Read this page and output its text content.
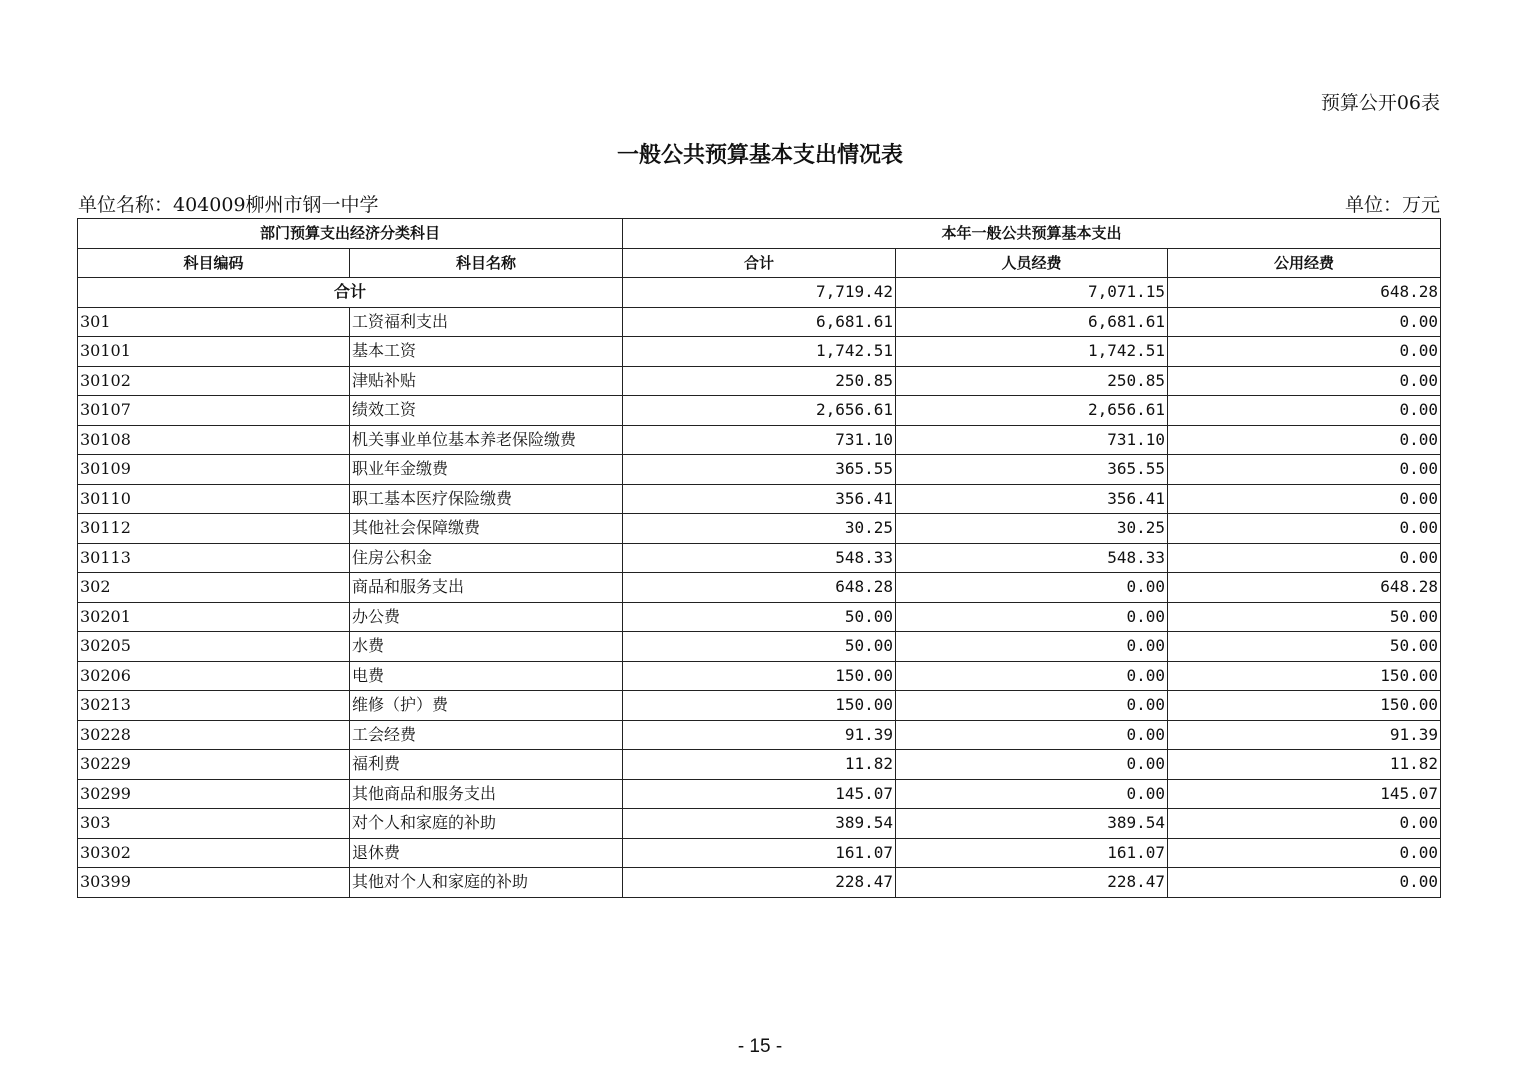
预算公开06表
一般公共预算基本支出情况表
单位名称：404009柳州市钢一中学	单位：万元
部门预算支出经济分类科目		本年一般公共预算基本支出		
科目编码	科目名称	合计	人员经费	公用经费
合计		7,719.42	7,071.15	648.28
301	工资福利支出	6,681.61	6,681.61	0.00
30101	基本工资	1,742.51	1,742.51	0.00
30102	津贴补贴	250.85	250.85	0.00
30107	绩效工资	2,656.61	2,656.61	0.00
30108	机关事业单位基本养老保险缴费	731.10	731.10	0.00
30109	职业年金缴费	365.55	365.55	0.00
30110	职工基本医疗保险缴费	356.41	356.41	0.00
30112	其他社会保障缴费	30.25	30.25	0.00
30113	住房公积金	548.33	548.33	0.00
302	商品和服务支出	648.28	0.00	648.28
30201	办公费	50.00	0.00	50.00
30205	水费	50.00	0.00	50.00
30206	电费	150.00	0.00	150.00
30213	维修（护）费	150.00	0.00	150.00
30228	工会经费	91.39	0.00	91.39
30229	福利费	11.82	0.00	11.82
30299	其他商品和服务支出	145.07	0.00	145.07
303	对个人和家庭的补助	389.54	389.54	0.00
30302	退休费	161.07	161.07	0.00
30399	其他对个人和家庭的补助	228.47	228.47	0.00
- 15 -
